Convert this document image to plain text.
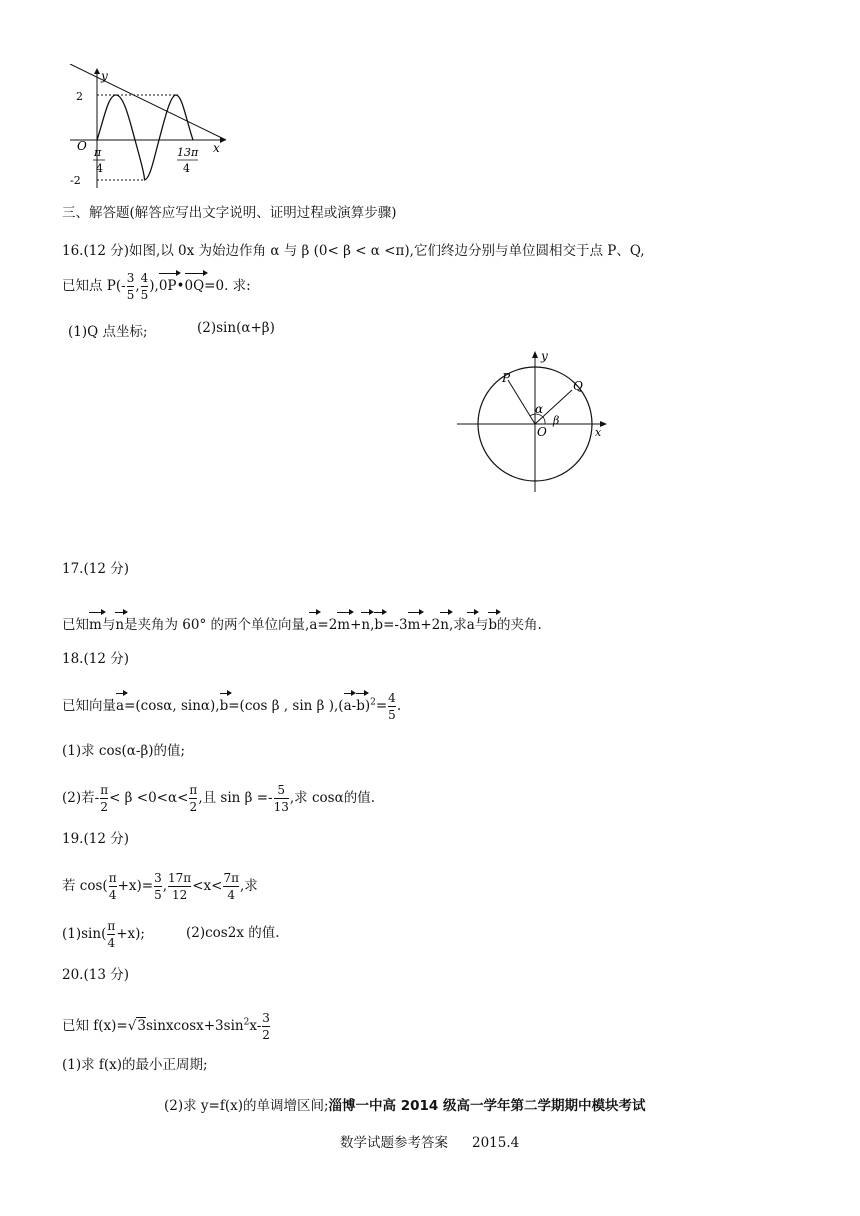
y
x
O
2
-2
π
4
13π
4
三、解答题(解答应写出文字说明、证明过程或演算步骤)
16.(12 分)如图,以 0x 为始边作角 α 与 β (0< β < α <π),它们终边分别与单位圆相交于点 P、Q,
已知点 $P(- \frac{3}{5}$ , $\frac{4}{5}$ ),0P•0Q=0. 求:
(1)Q 点坐标;	(2)sin(α+β)
y
x
P
Q
O
α
β
17.(12 分)
已知m与n是夹角为 60° 的两个单位向量,a=2m+n,b=-3m+2n,求a与b的夹角.
18.(12 分)
已知向量a=(cosα, sinα),b=(cos β , sin β )$,(a-b)^2= \frac{4}{5}$ .
(1)求 cos(α-β)的值;
(2)若- $\frac{\pi}{2} < \beta <0<\alpha< \frac{\pi}{2}$ ,且 $\sin \beta =- \frac{5}{13}$ ,求 cosα的值.
19.(12 分)
若 $\cos( \frac{\pi}{4} +x)= \frac{3}{5}$ , $\frac{17\pi}{12} <x< \frac{7\pi}{4}$ ,求
$(1)\sin( \frac{\pi}{4} +x)$;	(2)cos2x 的值.
20.(13 分)
已知 $f(x)=√3sinxcosx+3\sin^2x- \frac{3}{2}$
(1)求 f(x)的最小正周期;
(2)求 y=f(x)的单调增区间;淄博一中高 2014 级高一学年第二学期期中模块考试
数学试题参考答案 2015.4
